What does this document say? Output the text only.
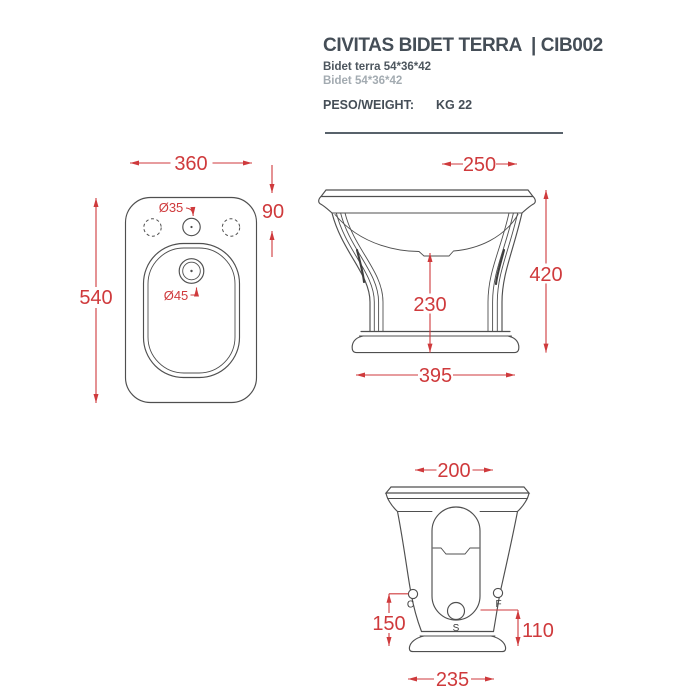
CIVITAS BIDET TERRA  | CIB002
Bidet terra 54*36*42
Bidet 54*36*42
PESO/WEIGHT: KG 22
360
540
90
Ø35
Ø45
250
420
230
395
C	F
S
200
150	110
235
